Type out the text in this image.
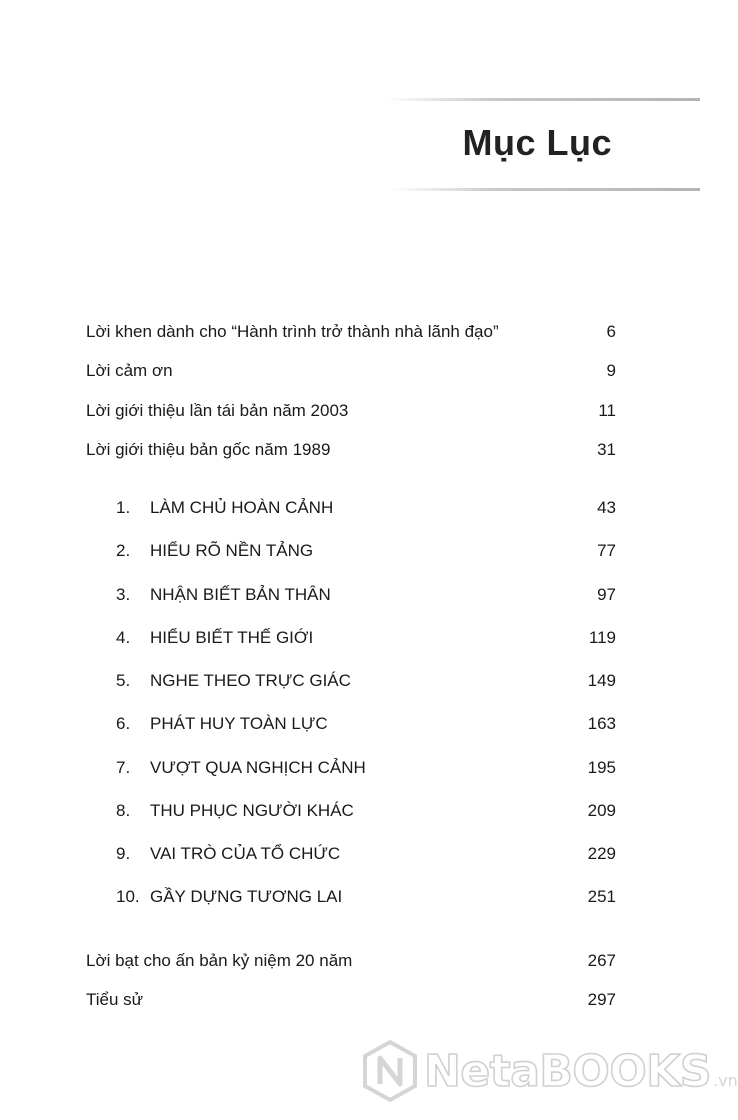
Mục Lục
Lời khen dành cho “Hành trình trở thành nhà lãnh đạo”	6
Lời cảm ơn	9
Lời giới thiệu lần tái bản năm 2003	11
Lời giới thiệu bản gốc năm 1989	31
1. LÀM CHỦ HOÀN CẢNH	43
2. HIỂU RÕ NỀN TẢNG	77
3. NHẬN BIẾT BẢN THÂN	97
4. HIỂU BIẾT THẾ GIỚI	119
5. NGHE THEO TRỰC GIÁC	149
6. PHÁT HUY TOÀN LỰC	163
7. VƯỢT QUA NGHỊCH CẢNH	195
8. THU PHỤC NGƯỜI KHÁC	209
9. VAI TRÒ CỦA TỔ CHỨC	229
10. GẦY DỰNG TƯƠNG LAI	251
Lời bạt cho ấn bản kỷ niệm 20 năm	267
Tiểu sử	297
NetaBOOKS .vn
